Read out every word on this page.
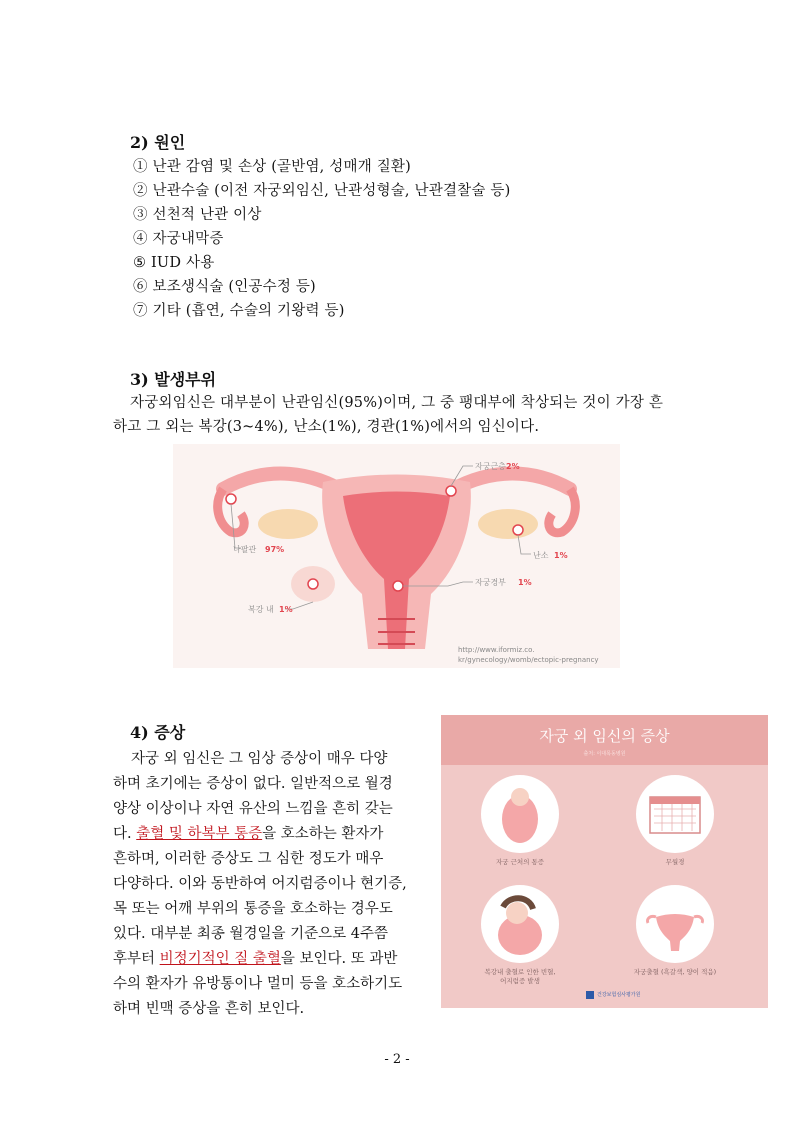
2) 원인
① 난관 감염 및 손상 (골반염, 성매개 질환)
② 난관수술 (이전 자궁외임신, 난관성형술, 난관결찰술 등)
③ 선천적 난관 이상
④ 자궁내막증
⑤ IUD 사용
⑥ 보조생식술 (인공수정 등)
⑦ 기타 (흡연, 수술의 기왕력 등)
3) 발생부위
자궁외임신은 대부분이 난관임신(95%)이며, 그 중 팽대부에 착상되는 것이 가장 흔
하고 그 외는 복강(3~4%), 난소(1%), 경관(1%)에서의 임신이다.
자궁근층 2%
나팔관 97%
난소 1%
자궁경부 1%
복강 내 1%
http://www.iformiz.co.
kr/gynecology/womb/ectopic-pregnancy
4) 증상
자궁 외 임신은 그 임상 증상이 매우 다양
하며 초기에는 증상이 없다. 일반적으로 월경
양상 이상이나 자연 유산의 느낌을 흔히 갖는
다. 출혈 및 하복부 통증을 호소하는 환자가
흔하며, 이러한 증상도 그 심한 정도가 매우
다양하다. 이와 동반하여 어지럼증이나 현기증,
목 또는 어깨 부위의 통증을 호소하는 경우도
있다. 대부분 최종 월경일을 기준으로 4주쯤
후부터 비정기적인 질 출혈을 보인다. 또 과반
수의 환자가 유방통이나 멀미 등을 호소하기도
하며 빈맥 증상을 흔히 보인다.
자궁 외 임신의 증상
출처: 이대목동병원
자궁 근처의 통증	무월경
복강내 출혈로 인한 빈혈,
어지럼증 발생
자궁출혈 (흑갈색, 양이 적음)
건강보험심사평가원
- 2 -
